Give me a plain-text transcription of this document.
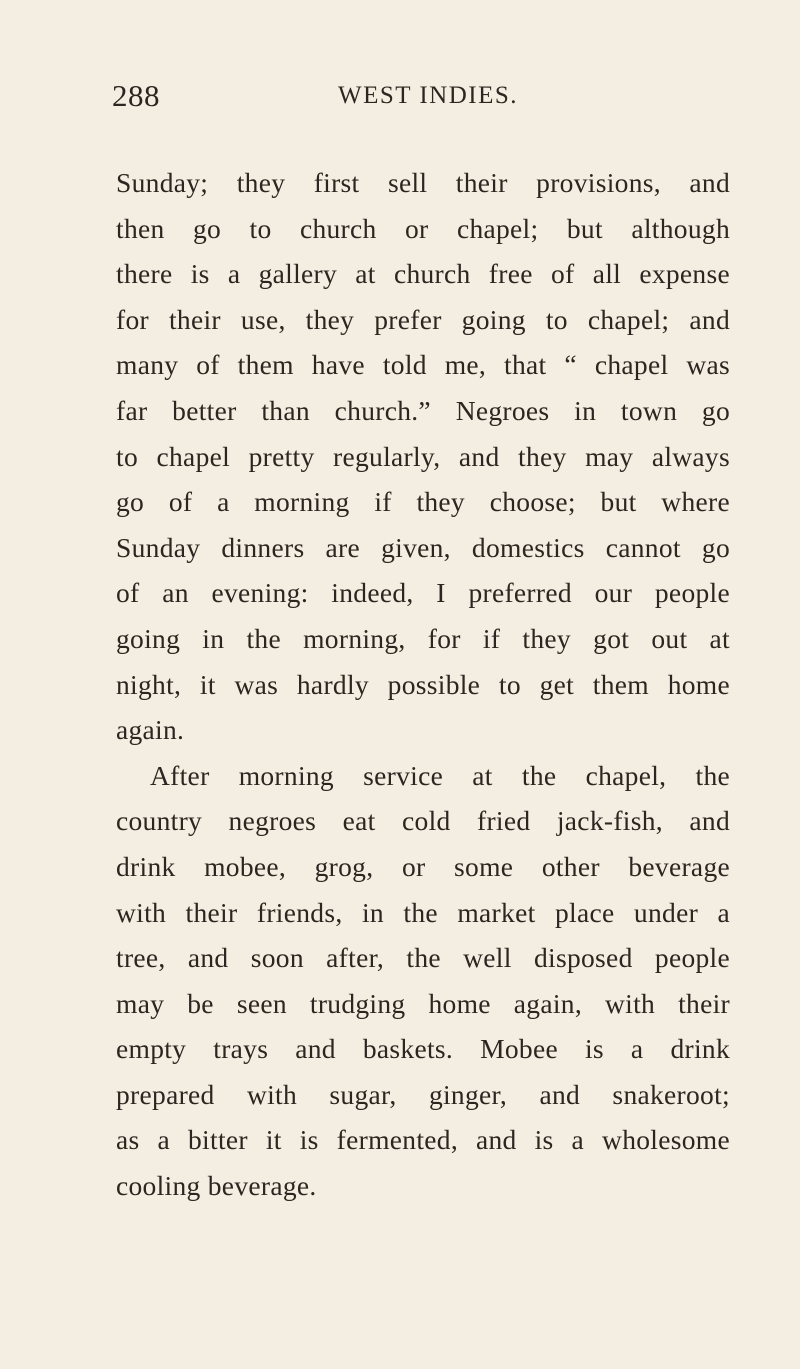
288	WEST INDIES.
Sunday; they first sell their provisions, and
then go to church or chapel; but although
there is a gallery at church free of all expense
for their use, they prefer going to chapel; and
many of them have told me, that “ chapel was
far better than church.” Negroes in town go
to chapel pretty regularly, and they may always
go of a morning if they choose; but where
Sunday dinners are given, domestics cannot go
of an evening: indeed, I preferred our people
going in the morning, for if they got out at
night, it was hardly possible to get them home
again.
After morning service at the chapel, the
country negroes eat cold fried jack-fish, and
drink mobee, grog, or some other beverage
with their friends, in the market place under a
tree, and soon after, the well disposed people
may be seen trudging home again, with their
empty trays and baskets. Mobee is a drink
prepared with sugar, ginger, and snakeroot;
as a bitter it is fermented, and is a wholesome
cooling beverage.
